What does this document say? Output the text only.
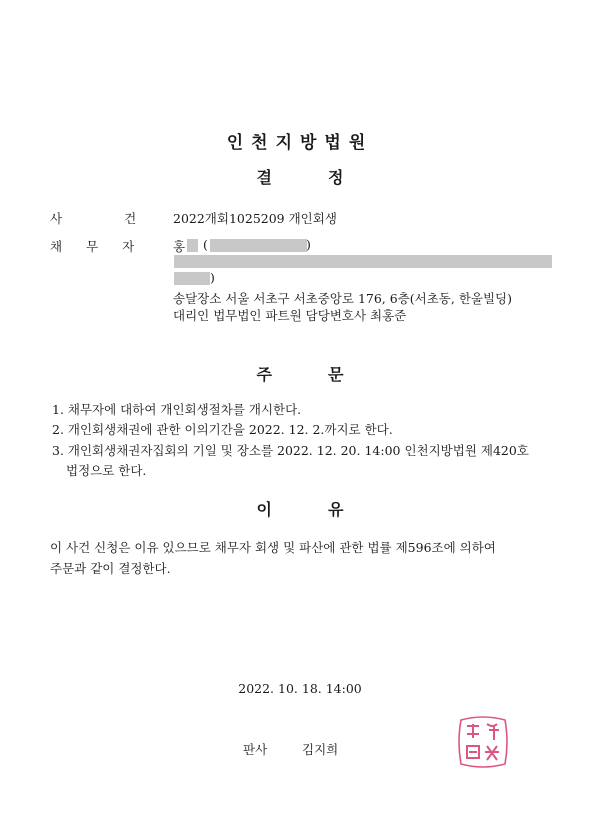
인천지방법원
결	정
사	건	2022개회1025209 개인회생
채 무 자	홍 (	)
)
송달장소 서울 서초구 서초중앙로 176, 6층(서초동, 한울빌딩)
대리인 법무법인 파트원 담당변호사 최홍준
주	문
1. 채무자에 대하여 개인회생절차를 개시한다.
2. 개인회생채권에 관한 이의기간을 2022. 12. 2.까지로 한다.
3. 개인회생채권자집회의 기일 및 장소를 2022. 12. 20. 14:00 인천지방법원 제420호
법정으로 한다.
이	유
이 사건 신청은 이유 있으므로 채무자 회생 및 파산에 관한 법률 제596조에 의하여
주문과 같이 결정한다.
2022. 10. 18. 14:00
판사	김지희
